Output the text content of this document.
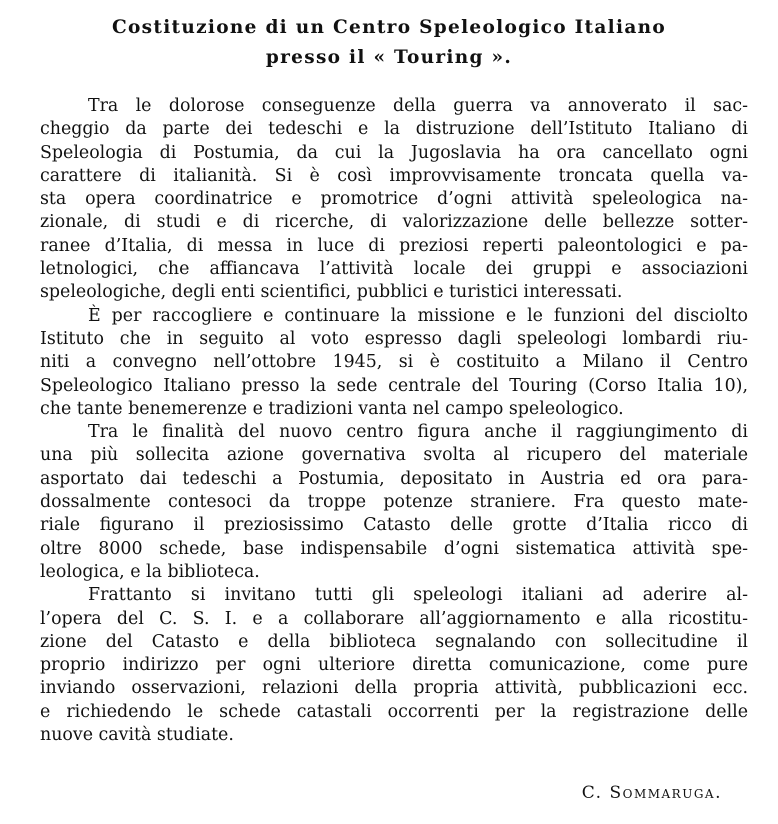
Costituzione di un Centro Speleologico Italiano
presso il « Touring ».
Tra le dolorose conseguenze della guerra va annoverato il sac-
cheggio da parte dei tedeschi e la distruzione dell’Istituto Italiano di
Speleologia di Postumia, da cui la Jugoslavia ha ora cancellato ogni
carattere di italianità. Si è così improvvisamente troncata quella va-
sta opera coordinatrice e promotrice d’ogni attività speleologica na-
zionale, di studi e di ricerche, di valorizzazione delle bellezze sotter-
ranee d’Italia, di messa in luce di preziosi reperti paleontologici e pa-
letnologici, che affiancava l’attività locale dei gruppi e associazioni
speleologiche, degli enti scientifici, pubblici e turistici interessati.
È per raccogliere e continuare la missione e le funzioni del disciolto
Istituto che in seguito al voto espresso dagli speleologi lombardi riu-
niti a convegno nell’ottobre 1945, si è costituito a Milano il Centro
Speleologico Italiano presso la sede centrale del Touring (Corso Italia 10),
che tante benemerenze e tradizioni vanta nel campo speleologico.
Tra le finalità del nuovo centro figura anche il raggiungimento di
una più sollecita azione governativa svolta al ricupero del materiale
asportato dai tedeschi a Postumia, depositato in Austria ed ora para-
dossalmente contesoci da troppe potenze straniere. Fra questo mate-
riale figurano il preziosissimo Catasto delle grotte d’Italia ricco di
oltre 8000 schede, base indispensabile d’ogni sistematica attività spe-
leologica, e la biblioteca.
Frattanto si invitano tutti gli speleologi italiani ad aderire al-
l’opera del C. S. I. e a collaborare all’aggiornamento e alla ricostitu-
zione del Catasto e della biblioteca segnalando con sollecitudine il
proprio indirizzo per ogni ulteriore diretta comunicazione, come pure
inviando osservazioni, relazioni della propria attività, pubblicazioni ecc.
e richiedendo le schede catastali occorrenti per la registrazione delle
nuove cavità studiate.
C. Sommaruga.
